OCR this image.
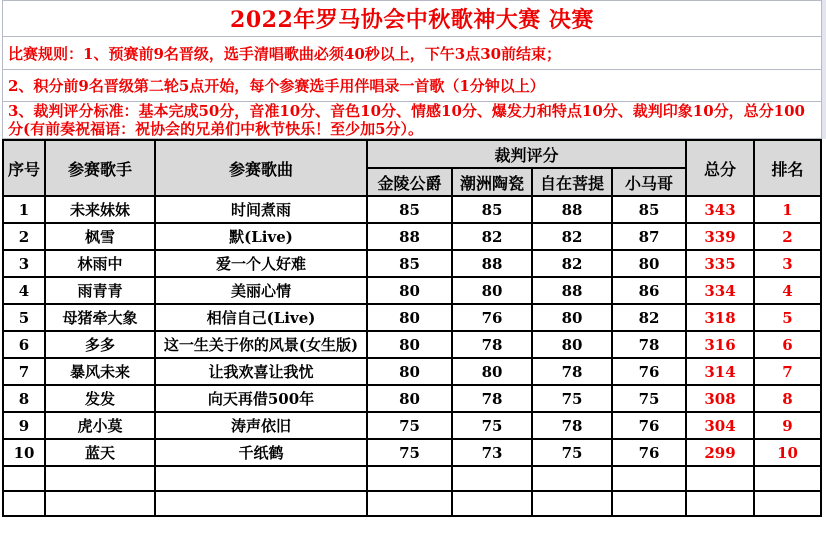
2022年罗马协会中秋歌神大赛 决赛
比赛规则：1、预赛前9名晋级，选手清唱歌曲必须40秒以上，下午3点30前结束；
2、积分前9名晋级第二轮5点开始，每个参赛选手用伴唱录一首歌（1分钟以上）
3、裁判评分标准：基本完成50分，音准10分、音色10分、情感10分、爆发力和特点10分、裁判印象10分，总分100分(有前奏祝福语：祝协会的兄弟们中秋节快乐！至少加5分）。
序号	参赛歌手	参赛歌曲	裁判评分				总分	排名
			金陵公爵	潮洲陶瓷	自在菩提	小马哥		
1	未来妹妹	时间煮雨	85	85	88	85	343	1
2	枫雪	默(Live)	88	82	82	87	339	2
3	林雨中	爱一个人好难	85	88	82	80	335	3
4	雨青青	美丽心情	80	80	88	86	334	4
5	母猪牵大象	相信自己(Live)	80	76	80	82	318	5
6	多多	这一生关于你的风景(女生版)	80	78	80	78	316	6
7	暴风未来	让我欢喜让我忧	80	80	78	76	314	7
8	发发	向天再借500年	80	78	75	75	308	8
9	虎小莫	涛声依旧	75	75	78	76	304	9
10	蓝天	千纸鹤	75	73	75	76	299	10
